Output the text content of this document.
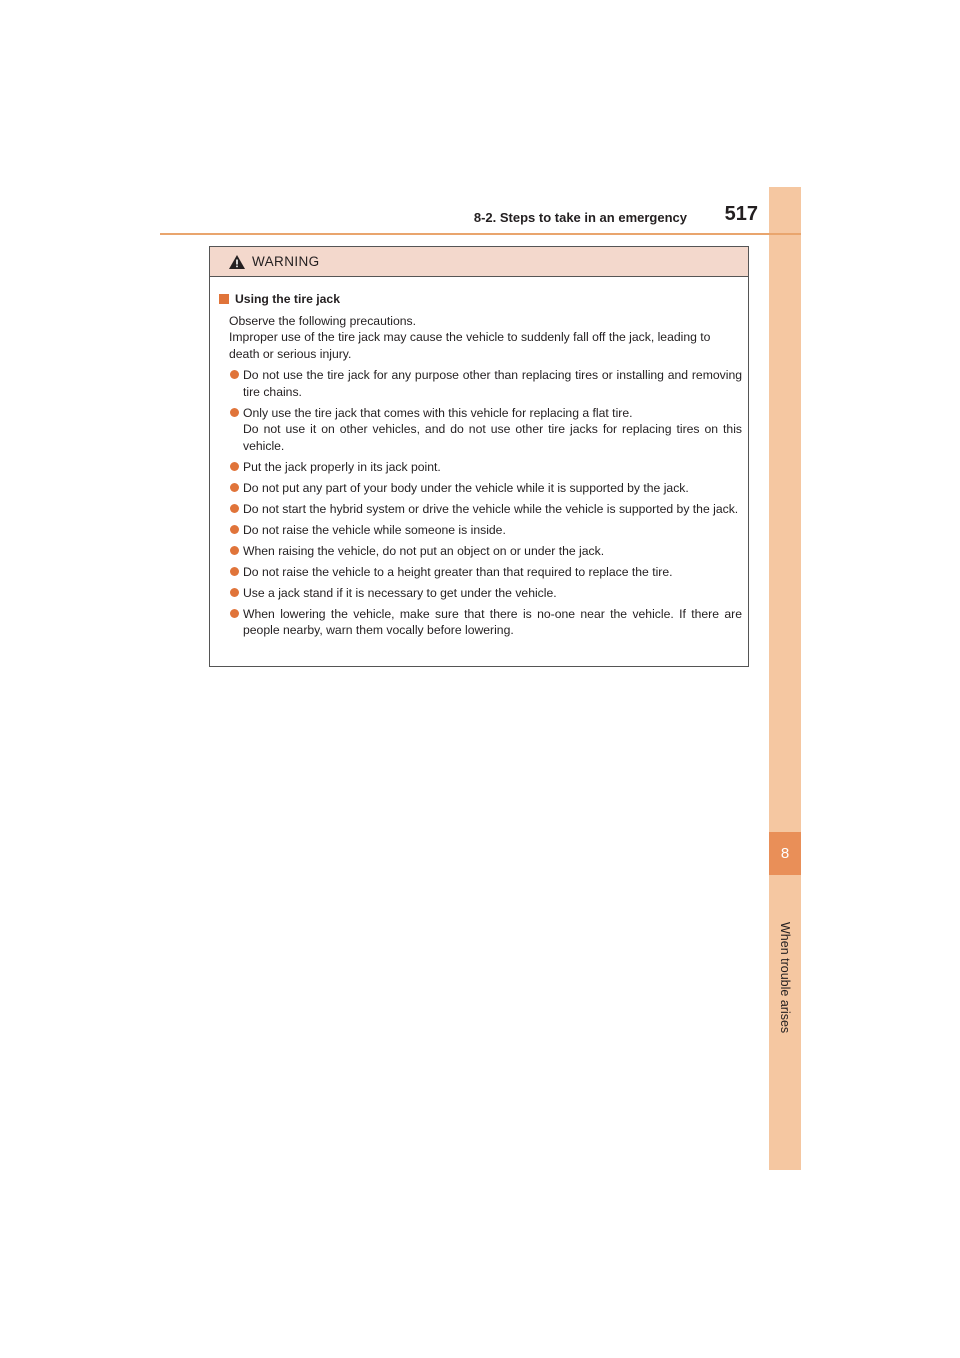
8
When trouble arises
8-2. Steps to take in an emergency 517
WARNING
Using the tire jack
Observe the following precautions.
Improper use of the tire jack may cause the vehicle to suddenly fall off the jack, leading to death or serious injury.
Do not use the tire jack for any purpose other than replacing tires or installing and removing tire chains.
Only use the tire jack that comes with this vehicle for replacing a flat tire.
Do not use it on other vehicles, and do not use other tire jacks for replacing tires on this vehicle.
Put the jack properly in its jack point.
Do not put any part of your body under the vehicle while it is supported by the jack.
Do not start the hybrid system or drive the vehicle while the vehicle is supported by the jack.
Do not raise the vehicle while someone is inside.
When raising the vehicle, do not put an object on or under the jack.
Do not raise the vehicle to a height greater than that required to replace the tire.
Use a jack stand if it is necessary to get under the vehicle.
When lowering the vehicle, make sure that there is no-one near the vehicle. If there are people nearby, warn them vocally before lowering.
